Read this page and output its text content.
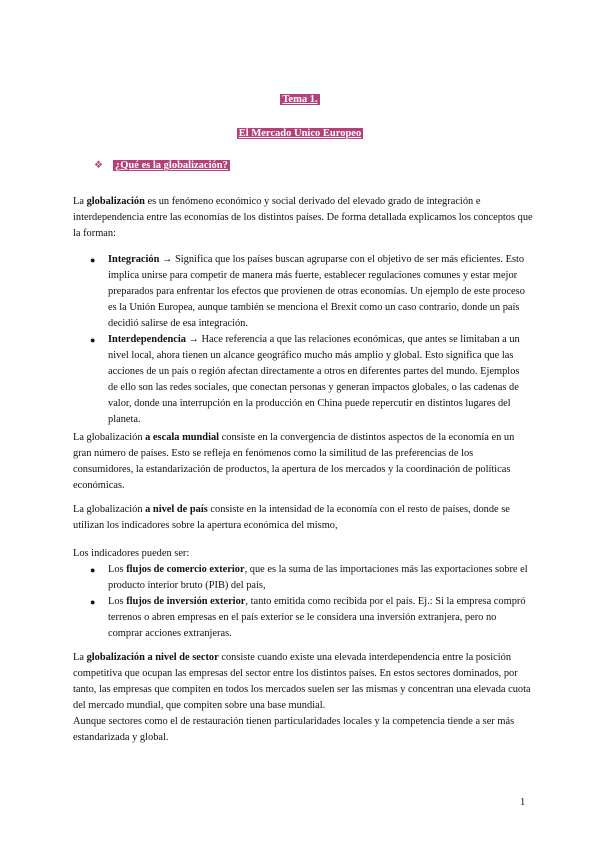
Tema 1.
El Mercado Único Europeo
❖ ¿Qué es la globalización?

La globalización es un fenómeno económico y social derivado del elevado grado de integración e interdependencia entre las economías de los distintos países. De forma detallada explicamos los conceptos que la forman:

● Integración → Significa que los países buscan agruparse con el objetivo de ser más eficientes. Esto implica unirse para competir de manera más fuerte, establecer regulaciones comunes y estar mejor preparados para enfrentar los efectos que provienen de otras economías. Un ejemplo de este proceso es la Unión Europea, aunque también se menciona el Brexit como un caso contrario, donde un país decidió salirse de esa integración.
● Interdependencia → Hace referencia a que las relaciones económicas, que antes se limitaban a un nivel local, ahora tienen un alcance geográfico mucho más amplio y global. Esto significa que las acciones de un país o región afectan directamente a otros en diferentes partes del mundo. Ejemplos de ello son las redes sociales, que conectan personas y generan impactos globales, o las cadenas de valor, donde una interrupción en la producción en China puede repercutir en distintos lugares del planeta.

La globalización a escala mundial consiste en la convergencia de distintos aspectos de la economía en un gran número de países. Esto se refleja en fenómenos como la similitud de las preferencias de los consumidores, la estandarización de productos, la apertura de los mercados y la coordinación de políticas económicas.

La globalización a nivel de país consiste en la intensidad de la economía con el resto de países, donde se utilizan los indicadores sobre la apertura económica del mismo,

Los indicadores pueden ser:

● Los flujos de comercio exterior, que es la suma de las importaciones más las exportaciones sobre el producto interior bruto (PIB) del país,
● Los flujos de inversión exterior, tanto emitida como recibida por el país. Ej.: Si la empresa compró terrenos o abren empresas en el país exterior se le considera una inversión extranjera, pero no comprar acciones extranjeras.

La globalización a nivel de sector consiste cuando existe una elevada interdependencia entre la posición competitiva que ocupan las empresas del sector entre los distintos países. En estos sectores dominados, por tanto, las empresas que compiten en todos los mercados suelen ser las mismas y concentran una elevada cuota del mercado mundial, que compiten sobre una base mundial.

Aunque sectores como el de restauración tienen particularidades locales y la competencia tiende a ser más estandarizada y global.

1
